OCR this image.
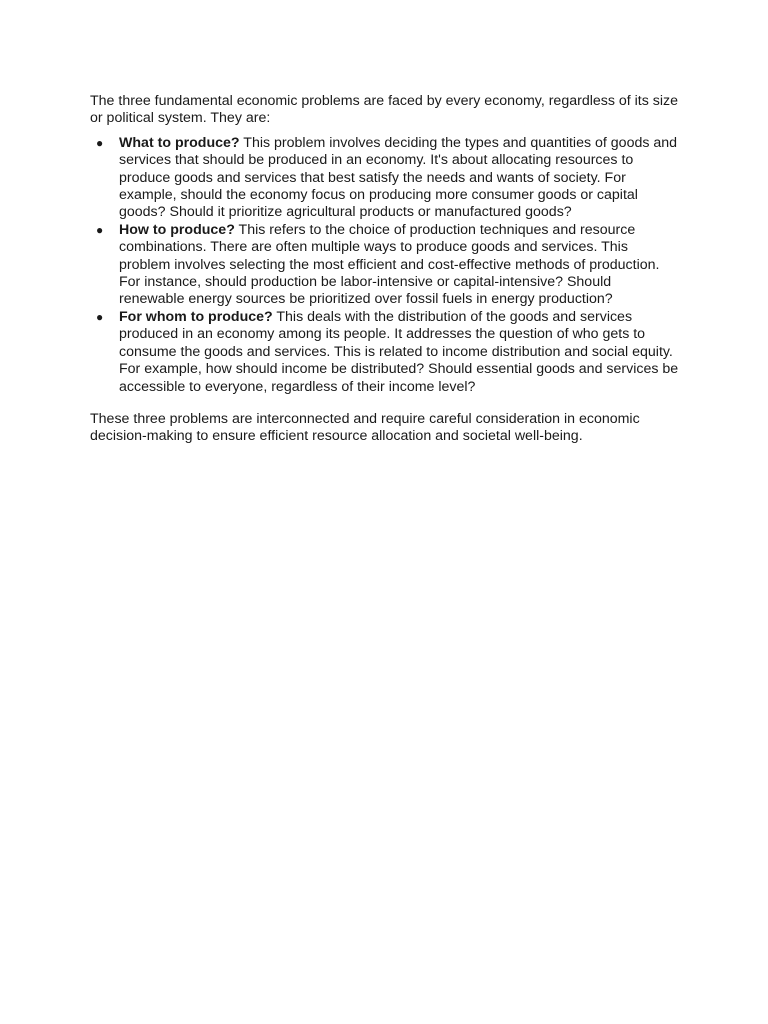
The three fundamental economic problems are faced by every economy, regardless of its size or political system. They are:

● What to produce? This problem involves deciding the types and quantities of goods and services that should be produced in an economy. It's about allocating resources to produce goods and services that best satisfy the needs and wants of society. For example, should the economy focus on producing more consumer goods or capital goods? Should it prioritize agricultural products or manufactured goods?
● How to produce? This refers to the choice of production techniques and resource combinations. There are often multiple ways to produce goods and services. This problem involves selecting the most efficient and cost-effective methods of production. For instance, should production be labor-intensive or capital-intensive? Should renewable energy sources be prioritized over fossil fuels in energy production?
● For whom to produce? This deals with the distribution of the goods and services produced in an economy among its people. It addresses the question of who gets to consume the goods and services. This is related to income distribution and social equity. For example, how should income be distributed? Should essential goods and services be accessible to everyone, regardless of their income level?

These three problems are interconnected and require careful consideration in economic decision-making to ensure efficient resource allocation and societal well-being.
